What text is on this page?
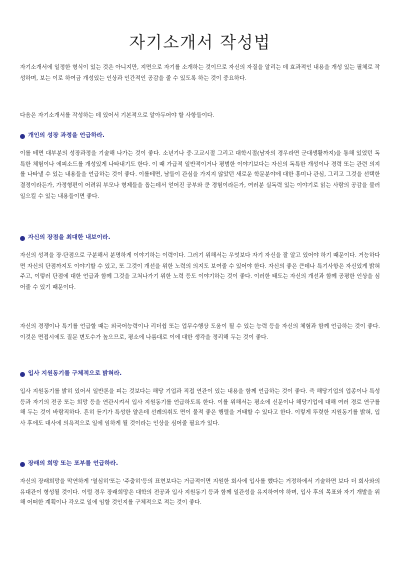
자기소개서 작성법

자기소개서에 일정한 형식이 있는 것은 아니지만, 지면으로 자기를 소개하는 것이므로 자신의 자질을 알리는 데 효과적인 내용을 개성 있는 필체로 작성하며, 보는 이로 하여금 개성있는 인상과 인간적인 공감을 줄 수 있도록 하는 것이 중요하다.

다음은 자기소개서를 작성하는 데 있어서 기본적으로 알아두어야 할 사항들이다.

개인의 성장 과정을 언급하라.

이를 테면 대부분의 성장과정을 기술해 나가는 것이 좋다. 소년기나 중·고교시절 그리고 대학시절(남자의 경우라면 군대생활까지)을 통해 있었던 독특한 체험이나 에피소드를 개성있게 나타내기도 한다. 이 때 가급적 일반적이거나 평범한 이야기보다는 자신의 독특한 개성이나 경력 또는 관련 의지를 나타낼 수 있는 내용들을 언급하는 것이 좋다. 이를테면, 남들이 관심을 가지지 않았던 새로운 학문분야에 대한 흥미나 관심, 그리고 그것을 선택한 결정이라든가, 가정형편이 어려워 부모나 형제들을 돕는데서 얻어진 공부와 쿤 경험이라든가, 여러분 실독력 있는 이야기로 읽는 사람의 공감을 불러일으킬 수 있는 내용들이면 좋다.

자신의 장점을 최대한 내보이라.

자신의 성격을 장·단점으로 구분해서 분명하게 이야기하는 이력이다. 그러기 위해서는 우엇보다 자기 자신을 잘 알고 있어야 하기 때문이다. 거능하다면 자신의 단점까지도 이야기할 수 있고, 또 그것이 개선을 위한 노력의 의지도 보여줄 수 있어야 한다. 자신의 좋은 큰데나 특기사항은 자신있게 밝혀주고, 이렇러 단점에 대한 언급과 함께 그것을 고쳐나가기 위한 노력 등도 이야기하는 것이 좋다. 이러한 태도는 자신의 개선과 함께 공평한 인상을 심어줄 수 있기 때문이다.

자신의 경쟁이나 특기를 언급할 때는 외국어능력이나 리더쉽 또는 업무수행상 도움이 될 수 있는 능력 등을 자신의 체험과 함께 언급하는 것이 좋다. 이것은 면접시에도 질문 변도수가 높으므로, 평소에 나름대로 이에 대한 생각을 정리해 두는 것이 좋다.

입사 지원동기를 구체적으로 밝혀라.

입사 지원동기를 밝히 있어서 일반론을 피는 것보다는 해당 기업과 직접 연관이 있는 내용을 함께 언급하는 것이 좋다. 즉 해당기업의 업종이나 특성 등과 자기의 전공 또는 희망 등을 연관시켜서 입사 지원동기를 언급하도록 한다. 이를 위해서는 평소에 신문이나 해당기업에 대해 여러 경로 연구를 해 두는 것이 바람직하다. 흔히 듣기가 특성한 얄은데 선례의취도 면이 물적 좋은 행렬을 거태할 수 있다고 한다. 이렇게 뚜렷한 지원동기를 밝혀, 입사 후에도 대사에 의욕적으로 일에 임하게 될 것이라는 인상을 심어줄 필요가 있다.

장래의 희망 또는 포부를 언급하라.

자신의 장래희망을 막연하게 '열심히'또는 '주춤히'등의 표현보다는 거급적이면 지원한 회사에 입사를 했다는 거정하에서 기술하면 보다 더 회사와의 유대관이 형성될 것이다. 이럴 경우 장래희망은 대학의 전공과 입사 지원동기 등과 함께 일관성을 유지하여야 하며, 입사 후의 목표와 자기 개발을 위해 어떠한 계획이나 각오로 일에 임할 것인지를 구체적으로 적는 것이 좋다.
